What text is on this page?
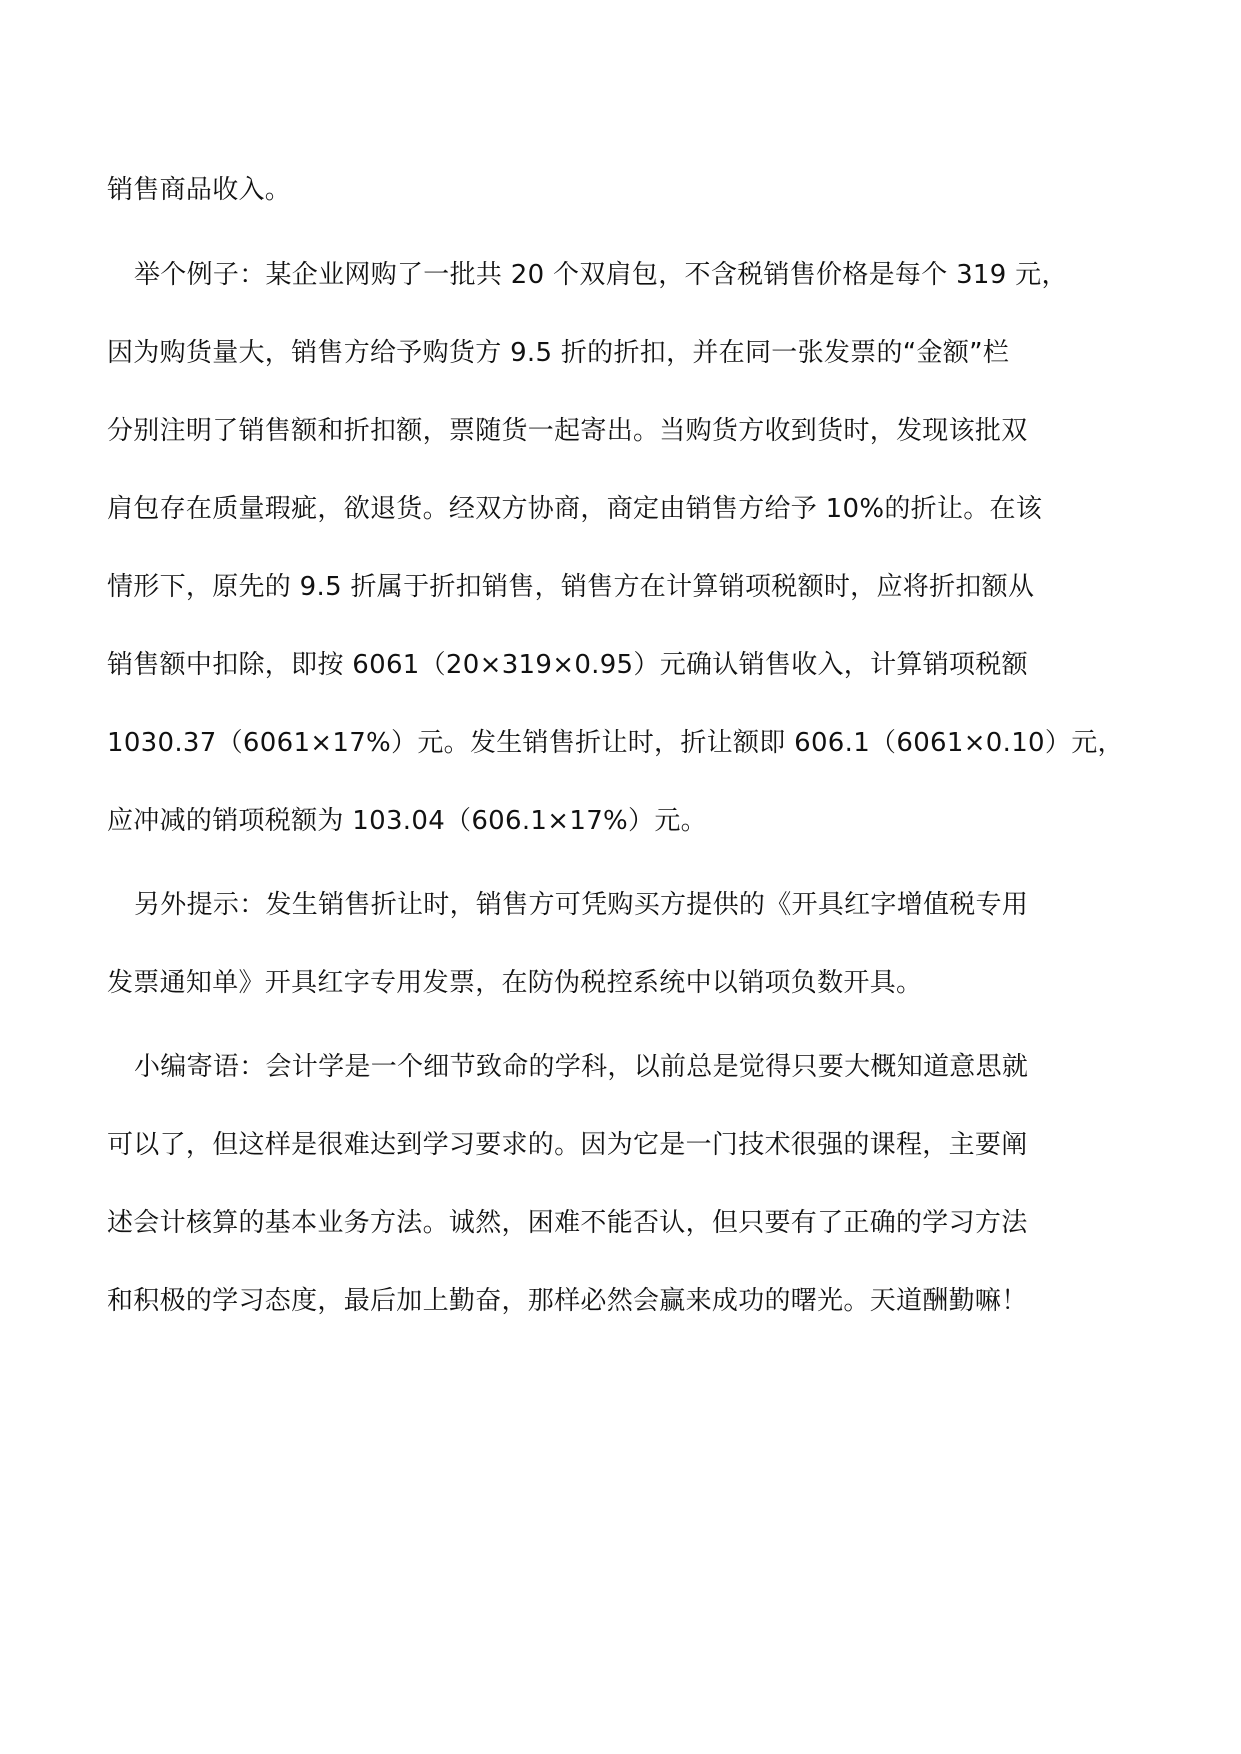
销售商品收入。
举个例子：某企业网购了一批共 20 个双肩包，不含税销售价格是每个 319 元，
因为购货量大，销售方给予购货方 9.5 折的折扣，并在同一张发票的“金额”栏
分别注明了销售额和折扣额，票随货一起寄出。当购货方收到货时，发现该批双
肩包存在质量瑕疵，欲退货。经双方协商，商定由销售方给予 10%的折让。在该
情形下，原先的 9.5 折属于折扣销售，销售方在计算销项税额时，应将折扣额从
销售额中扣除，即按 6061（20×319×0.95）元确认销售收入，计算销项税额
1030.37（6061×17%）元。发生销售折让时，折让额即 606.1（6061×0.10）元，
应冲减的销项税额为 103.04（606.1×17%）元。
另外提示：发生销售折让时，销售方可凭购买方提供的《开具红字增值税专用
发票通知单》开具红字专用发票，在防伪税控系统中以销项负数开具。
小编寄语：会计学是一个细节致命的学科，以前总是觉得只要大概知道意思就
可以了，但这样是很难达到学习要求的。因为它是一门技术很强的课程，主要阐
述会计核算的基本业务方法。诚然，困难不能否认，但只要有了正确的学习方法
和积极的学习态度，最后加上勤奋，那样必然会赢来成功的曙光。天道酬勤嘛！
